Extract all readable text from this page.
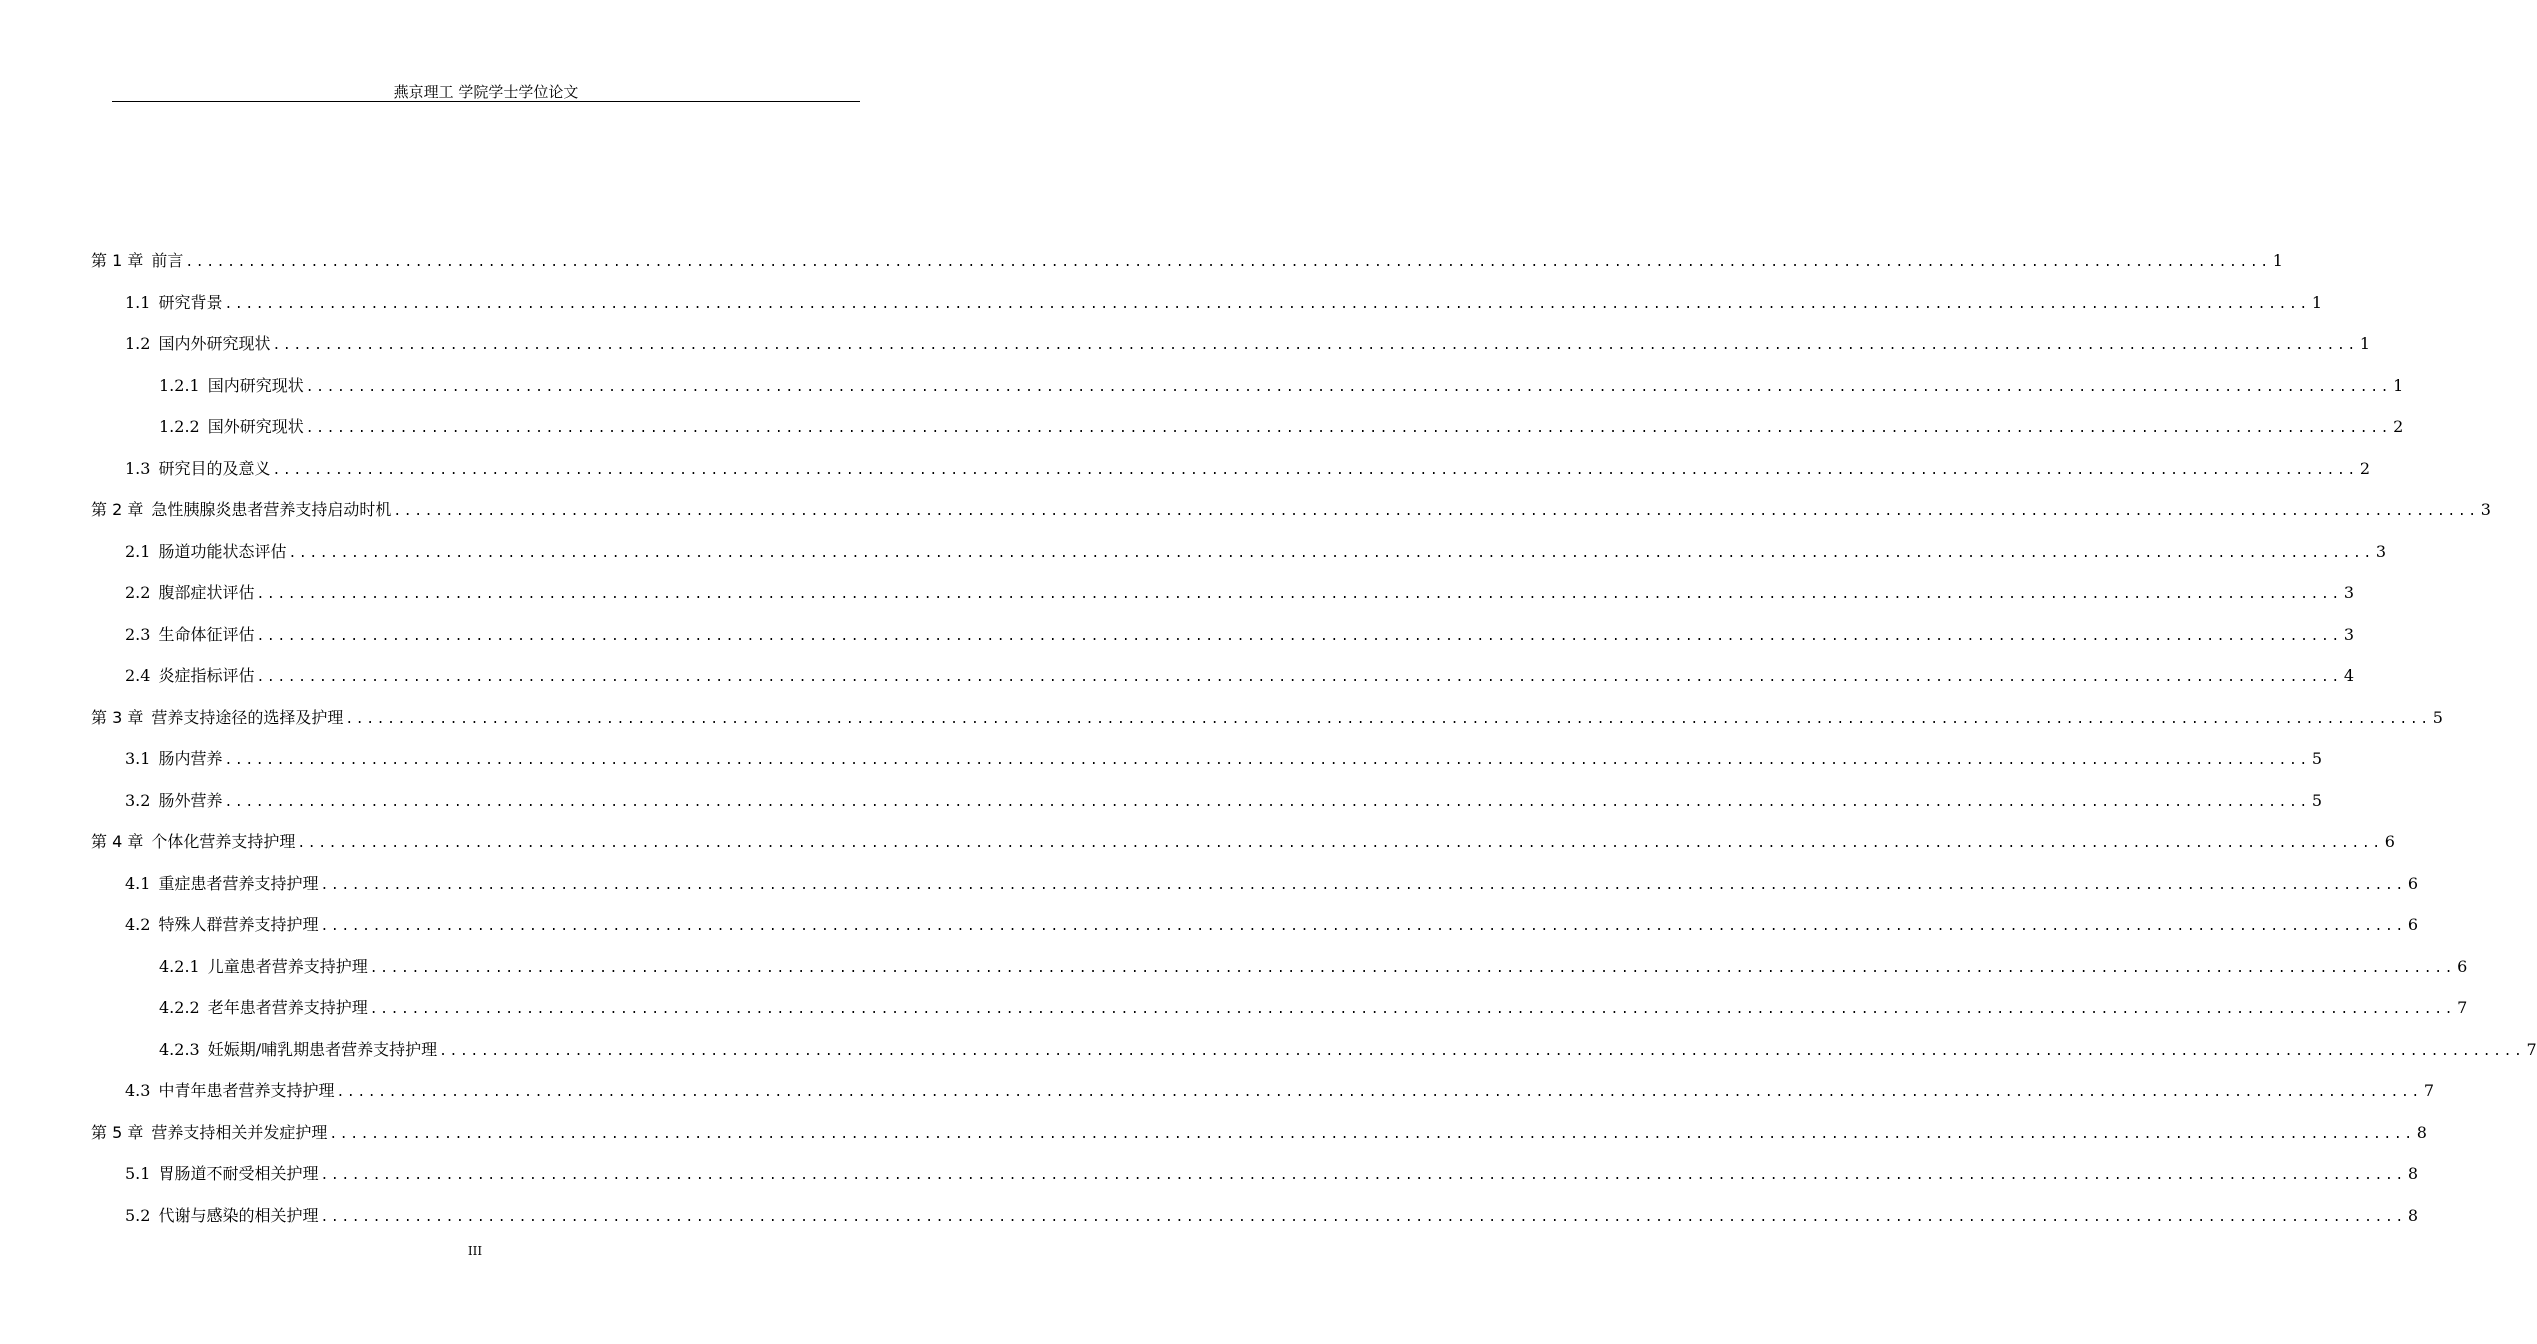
燕京理工 学院学士学位论文
第 1 章 前言 ........................................................................................................................................................................................................ 1
1.1 研究背景 ........................................................................................................................................................................................................ 1
1.2 国内外研究现状 ........................................................................................................................................................................................................ 1
1.2.1 国内研究现状 ........................................................................................................................................................................................................ 1
1.2.2 国外研究现状 ........................................................................................................................................................................................................ 2
1.3 研究目的及意义 ........................................................................................................................................................................................................ 2
第 2 章 急性胰腺炎患者营养支持启动时机 ........................................................................................................................................................................................................ 3
2.1 肠道功能状态评估 ........................................................................................................................................................................................................ 3
2.2 腹部症状评估 ........................................................................................................................................................................................................ 3
2.3 生命体征评估 ........................................................................................................................................................................................................ 3
2.4 炎症指标评估 ........................................................................................................................................................................................................ 4
第 3 章 营养支持途径的选择及护理 ........................................................................................................................................................................................................ 5
3.1 肠内营养 ........................................................................................................................................................................................................ 5
3.2 肠外营养 ........................................................................................................................................................................................................ 5
第 4 章 个体化营养支持护理 ........................................................................................................................................................................................................ 6
4.1 重症患者营养支持护理 ........................................................................................................................................................................................................ 6
4.2 特殊人群营养支持护理 ........................................................................................................................................................................................................ 6
4.2.1 儿童患者营养支持护理 ........................................................................................................................................................................................................ 6
4.2.2 老年患者营养支持护理 ........................................................................................................................................................................................................ 7
4.2.3 妊娠期/哺乳期患者营养支持护理 ........................................................................................................................................................................................................ 7
4.3 中青年患者营养支持护理 ........................................................................................................................................................................................................ 7
第 5 章 营养支持相关并发症护理 ........................................................................................................................................................................................................ 8
5.1 胃肠道不耐受相关护理 ........................................................................................................................................................................................................ 8
5.2 代谢与感染的相关护理 ........................................................................................................................................................................................................ 8
III
